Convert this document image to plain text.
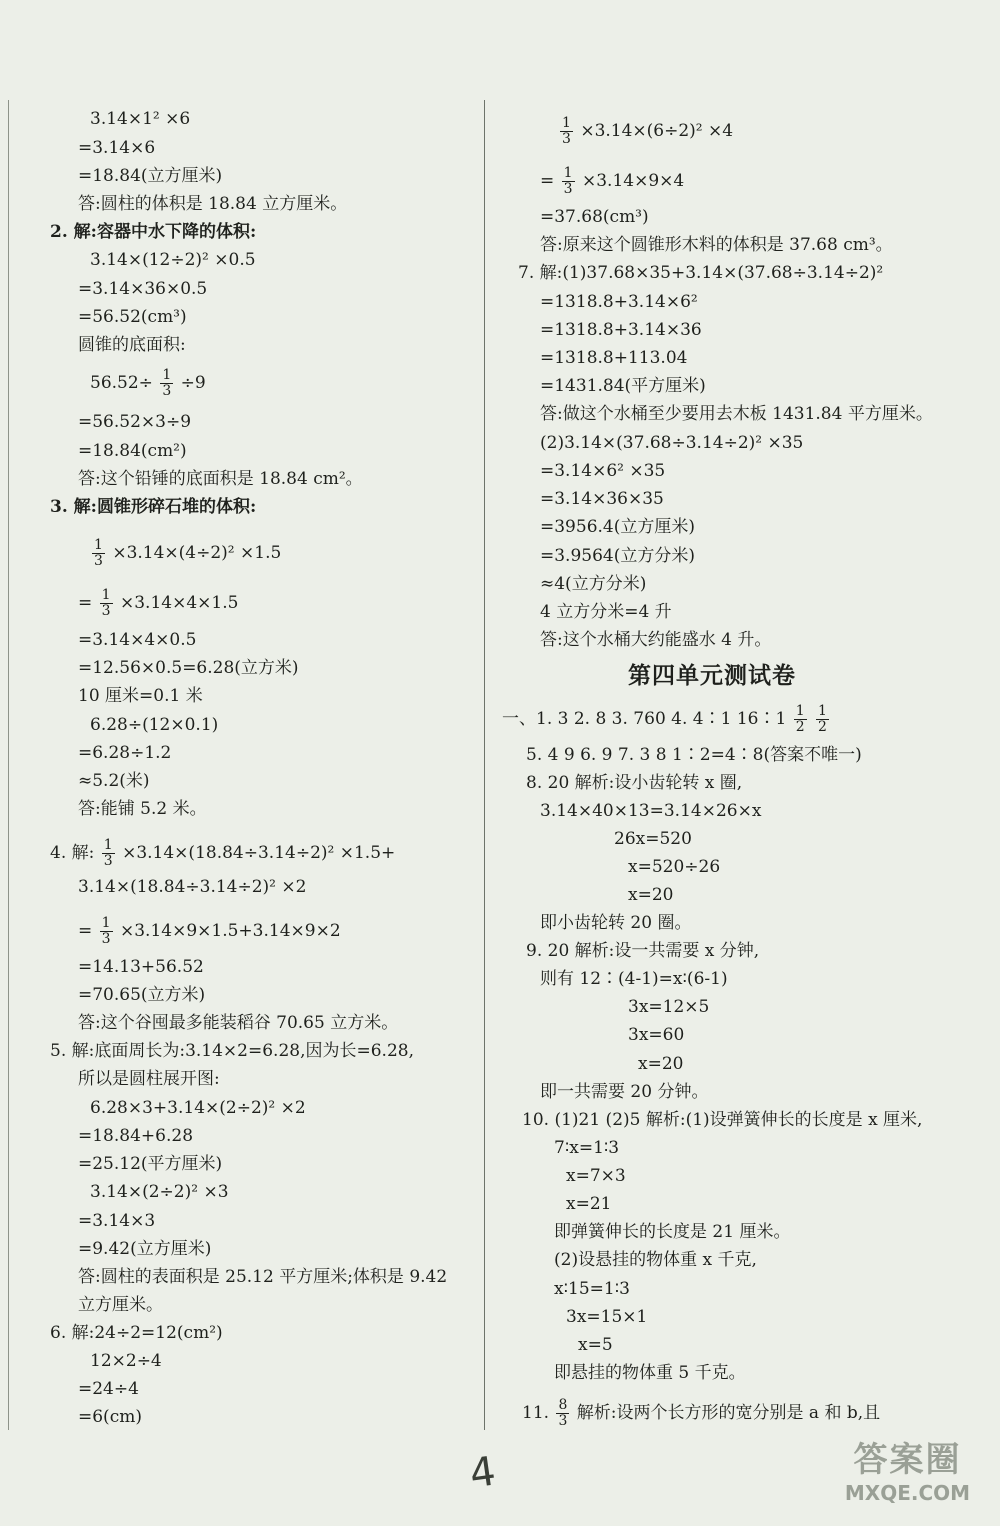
3.14×1² ×6
=3.14×6
=18.84(立方厘米)
答:圆柱的体积是 18.84 立方厘米。
2. 解:容器中水下降的体积:
3.14×(12÷2)² ×0.5
=3.14×36×0.5
=56.52(cm³)
圆锥的底面积:
$56.52\div \frac{1}{3} \div 9$
=56.52×3÷9
=18.84(cm²)
答:这个铅锤的底面积是 18.84 cm²。
3. 解:圆锥形碎石堆的体积:
$\frac{1}{3} \times 3.14\times(4\div 2)^2 \times 1.5$
= $\frac{1}{3} \times 3.14\times 4\times 1.5$
=3.14×4×0.5
=12.56×0.5=6.28(立方米)
10 厘米=0.1 米
6.28÷(12×0.1)
=6.28÷1.2
≈5.2(米)
答:能铺 5.2 米。
4. 解: $\frac{1}{3} \times 3.14\times(18.84\div 3.14\div 2)^2 \times 1.5+$
3.14×(18.84÷3.14÷2)² ×2
= $\frac{1}{3} \times 3.14\times 9\times 1.5+3.14\times 9\times 2$
=14.13+56.52
=70.65(立方米)
答:这个谷囤最多能装稻谷 70.65 立方米。
5. 解:底面周长为:3.14×2=6.28,因为长=6.28,
所以是圆柱展开图:
6.28×3+3.14×(2÷2)² ×2
=18.84+6.28
=25.12(平方厘米)
3.14×(2÷2)² ×3
=3.14×3
=9.42(立方厘米)
答:圆柱的表面积是 25.12 平方厘米;体积是 9.42
立方厘米。
6. 解:24÷2=12(cm²)
12×2÷4
=24÷4
=6(cm)
$\frac{1}{3} \times 3.14\times(6\div 2)^2 \times 4$
= $\frac{1}{3} \times 3.14\times 9\times 4$
=37.68(cm³)
答:原来这个圆锥形木料的体积是 37.68 cm³。
7. 解:(1)37.68×35+3.14×(37.68÷3.14÷2)²
=1318.8+3.14×6²
=1318.8+3.14×36
=1318.8+113.04
=1431.84(平方厘米)
答:做这个水桶至少要用去木板 1431.84 平方厘米。
(2)3.14×(37.68÷3.14÷2)² ×35
=3.14×6² ×35
=3.14×36×35
=3956.4(立方厘米)
=3.9564(立方分米)
≈4(立方分米)
4 立方分米=4 升
答:这个水桶大约能盛水 4 升。
一、1. 3 2. 8 3. 760 4. 4∶1 16∶1 $\frac{1}{2}$
$\frac{1}{2}$
5. 4 9 6. 9 7. 3 8 1∶2=4∶8(答案不唯一)
8. 20 解析:设小齿轮转 x 圈,
3.14×40×13=3.14×26×x
26x=520
x=520÷26
x=20
即小齿轮转 20 圈。
9. 20 解析:设一共需要 x 分钟,
则有 12∶(4-1)=x∶(6-1)
3x=12×5
3x=60
x=20
即一共需要 20 分钟。
10. (1)21 (2)5 解析:(1)设弹簧伸长的长度是 x 厘米,
7∶x=1∶3
x=7×3
x=21
即弹簧伸长的长度是 21 厘米。
(2)设悬挂的物体重 x 千克,
x∶15=1∶3
3x=15×1
x=5
即悬挂的物体重 5 千克。
11. $\frac{8}{3}$ 解析:设两个长方形的宽分别是 a 和 b,且
第四单元测试卷
4	答案圈
MXQE.COM
